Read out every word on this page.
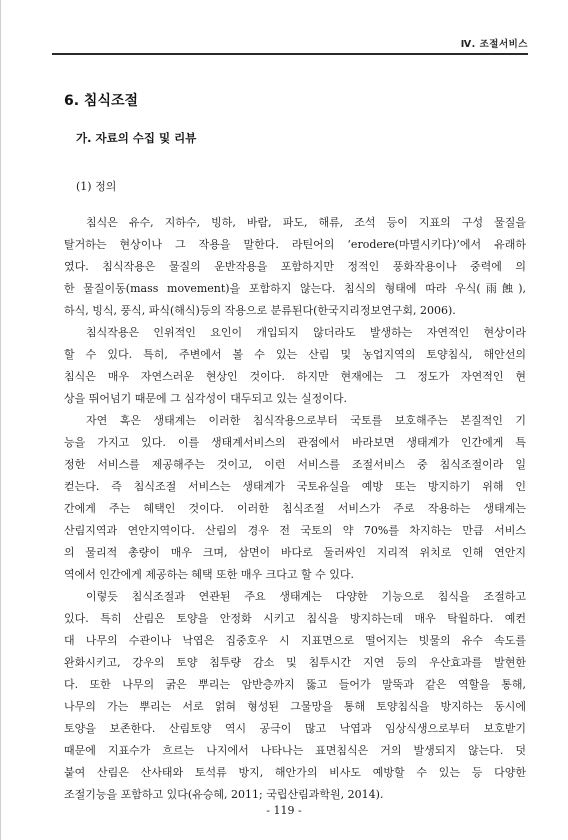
Ⅳ. 조절서비스
6. 침식조절
가. 자료의 수집 및 리뷰
(1) 정의
침식은 유수, 지하수, 빙하, 바람, 파도, 해류, 조석 등이 지표의 구성 물질을
탈거하는 현상이나 그 작용을 말한다. 라틴어의 ‘erodere(마멸시키다)’에서 유래하
였다. 침식작용은 물질의 운반작용을 포함하지만 정적인 풍화작용이나 중력에 의
한 물질이동(mass movement)을 포함하지 않는다. 침식의 형태에 따라 우식(雨蝕),
하식, 빙식, 풍식, 파식(해식)등의 작용으로 분류된다(한국지리정보연구회, 2006).
침식작용은 인위적인 요인이 개입되지 않더라도 발생하는 자연적인 현상이라
할 수 있다. 특히, 주변에서 볼 수 있는 산림 및 농업지역의 토양침식, 해안선의
침식은 매우 자연스러운 현상인 것이다. 하지만 현재에는 그 정도가 자연적인 현
상을 뛰어넘기 때문에 그 심각성이 대두되고 있는 실정이다.
자연 혹은 생태계는 이러한 침식작용으로부터 국토를 보호해주는 본질적인 기
능을 가지고 있다. 이를 생태계서비스의 관점에서 바라보면 생태계가 인간에게 특
정한 서비스를 제공해주는 것이고, 이런 서비스를 조절서비스 중 침식조절이라 일
컫는다. 즉 침식조절 서비스는 생태계가 국토유실을 예방 또는 방지하기 위해 인
간에게 주는 혜택인 것이다. 이러한 침식조절 서비스가 주로 작용하는 생태계는
산림지역과 연안지역이다. 산림의 경우 전 국토의 약 70%를 차지하는 만큼 서비스
의 물리적 총량이 매우 크며, 삼면이 바다로 둘러싸인 지리적 위치로 인해 연안지
역에서 인간에게 제공하는 혜택 또한 매우 크다고 할 수 있다.
이렇듯 침식조절과 연관된 주요 생태계는 다양한 기능으로 침식을 조절하고
있다. 특히 산림은 토양을 안정화 시키고 침식을 방지하는데 매우 탁월하다. 예컨
대 나무의 수관이나 낙엽은 집중호우 시 지표면으로 떨어지는 빗물의 유수 속도를
완화시키고, 강우의 토양 침투량 감소 및 침투시간 지연 등의 우산효과를 발현한
다. 또한 나무의 굵은 뿌리는 암반층까지 뚫고 들어가 말뚝과 같은 역할을 통해,
나무의 가는 뿌리는 서로 얽혀 형성된 그물망을 통해 토양침식을 방지하는 동시에
토양을 보존한다. 산림토양 역시 공극이 많고 낙엽과 임상식생으로부터 보호받기
때문에 지표수가 흐르는 나지에서 나타나는 표면침식은 거의 발생되지 않는다. 덧
붙여 산림은 산사태와 토석류 방지, 해안가의 비사도 예방할 수 있는 등 다양한
조절기능을 포함하고 있다(유승혜, 2011; 국립산림과학원, 2014).
- 119 -
